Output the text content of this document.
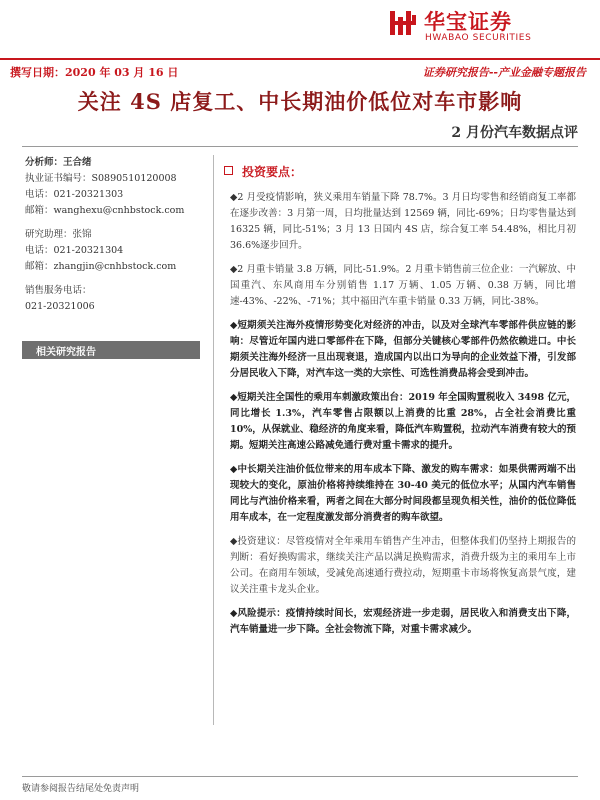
华宝证券
HWABAO SECURITIES
撰写日期：2020 年 03 月 16 日	证券研究报告--产业金融专题报告
关注 4S 店复工、中长期油价低位对车市影响
2 月份汽车数据点评
分析师：王合绪
执业证书编号：S0890510120008
电话：021-20321303
邮箱：wanghexu@cnhbstock.com
研究助理：张锦
电话：021-20321304
邮箱：zhangjin@cnhbstock.com
销售服务电话：
021-20321006
相关研究报告
投资要点：

◆2 月受疫情影响，狭义乘用车销量下降 78.7%。3 月日均零售和经销商复工率都在逐步改善：3 月第一周，日均批量达到 12569 辆，同比-69%；日均零售量达到 16325 辆，同比-51%；3 月 13 日国内 4S 店，综合复工率 54.48%，相比月初 36.6%逐步回升。

◆2 月重卡销量 3.8 万辆，同比-51.9%。2 月重卡销售前三位企业：一汽解放、中国重汽、东风商用车分别销售 1.17 万辆、1.05 万辆、0.38 万辆，同比增速-43%、-22%、-71%；其中福田汽车重卡销量 0.33 万辆，同比-38%。

◆短期须关注海外疫情形势变化对经济的冲击，以及对全球汽车零部件供应链的影响：尽管近年国内进口零部件在下降，但部分关键核心零部件仍然依赖进口。中长期须关注海外经济一旦出现衰退，造成国内以出口为导向的企业效益下滑，引发部分居民收入下降，对汽车这一类的大宗性、可选性消费品将会受到冲击。

◆短期关注全国性的乘用车刺激政策出台：2019 年全国购置税收入 3498 亿元，同比增长 1.3%，汽车零售占限额以上消费的比重 28%，占全社会消费比重 10%，从保就业、稳经济的角度来看，降低汽车购置税，拉动汽车消费有较大的预期。短期关注高速公路减免通行费对重卡需求的提升。

◆中长期关注油价低位带来的用车成本下降、激发的购车需求：如果供需两端不出现较大的变化，原油价格将持续维持在 30-40 美元的低位水平；从国内汽车销售同比与汽油价格来看，两者之间在大部分时间段都呈现负相关性，油价的低位降低用车成本，在一定程度激发部分消费者的购车欲望。

◆投资建议：尽管疫情对全年乘用车销售产生冲击，但整体我们仍坚持上期报告的判断：看好换购需求，继续关注产品以满足换购需求，消费升级为主的乘用车上市公司。在商用车领域，受减免高速通行费拉动，短期重卡市场将恢复高景气度，建议关注重卡龙头企业。

◆风险提示：疫情持续时间长，宏观经济进一步走弱，居民收入和消费支出下降，汽车销量进一步下降。全社会物流下降，对重卡需求减少。

敬请参阅报告结尾处免责声明
